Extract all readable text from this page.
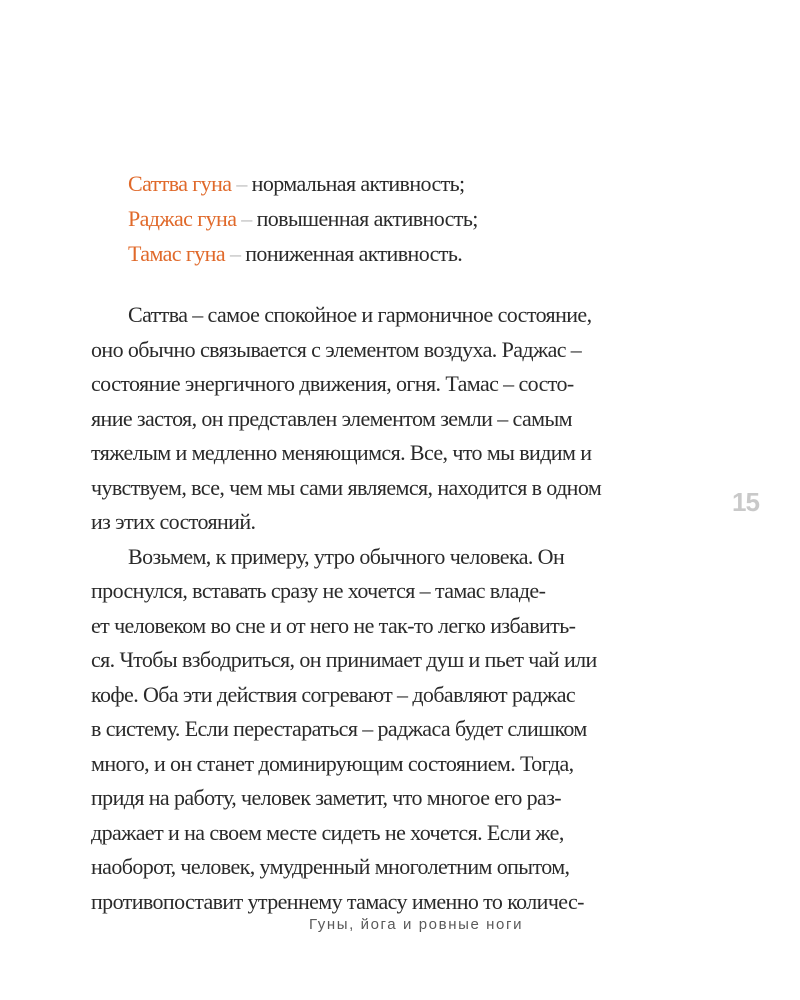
Саттва гуна – нормальная активность;
Раджас гуна – повышенная активность;
Тамас гуна – пониженная активность.
Саттва – самое спокойное и гармоничное состояние,
оно обычно связывается с элементом воздуха. Раджас –
состояние энергичного движения, огня. Тамас – состо-
яние застоя, он представлен элементом земли – самым
тяжелым и медленно меняющимся. Все, что мы видим и
чувствуем, все, чем мы сами являемся, находится в одном
из этих состояний.
Возьмем, к примеру, утро обычного человека. Он
проснулся, вставать сразу не хочется – тамас владе-
ет человеком во сне и от него не так-то легко избавить-
ся. Чтобы взбодриться, он принимает душ и пьет чай или
кофе. Оба эти действия согревают – добавляют раджас
в систему. Если перестараться – раджаса будет слишком
много, и он станет доминирующим состоянием. Тогда,
придя на работу, человек заметит, что многое его раз-
дражает и на своем месте сидеть не хочется. Если же,
наоборот, человек, умудренный многолетним опытом,
противопоставит утреннему тамасу именно то количес-
15
Гуны, йога и ровные ноги
